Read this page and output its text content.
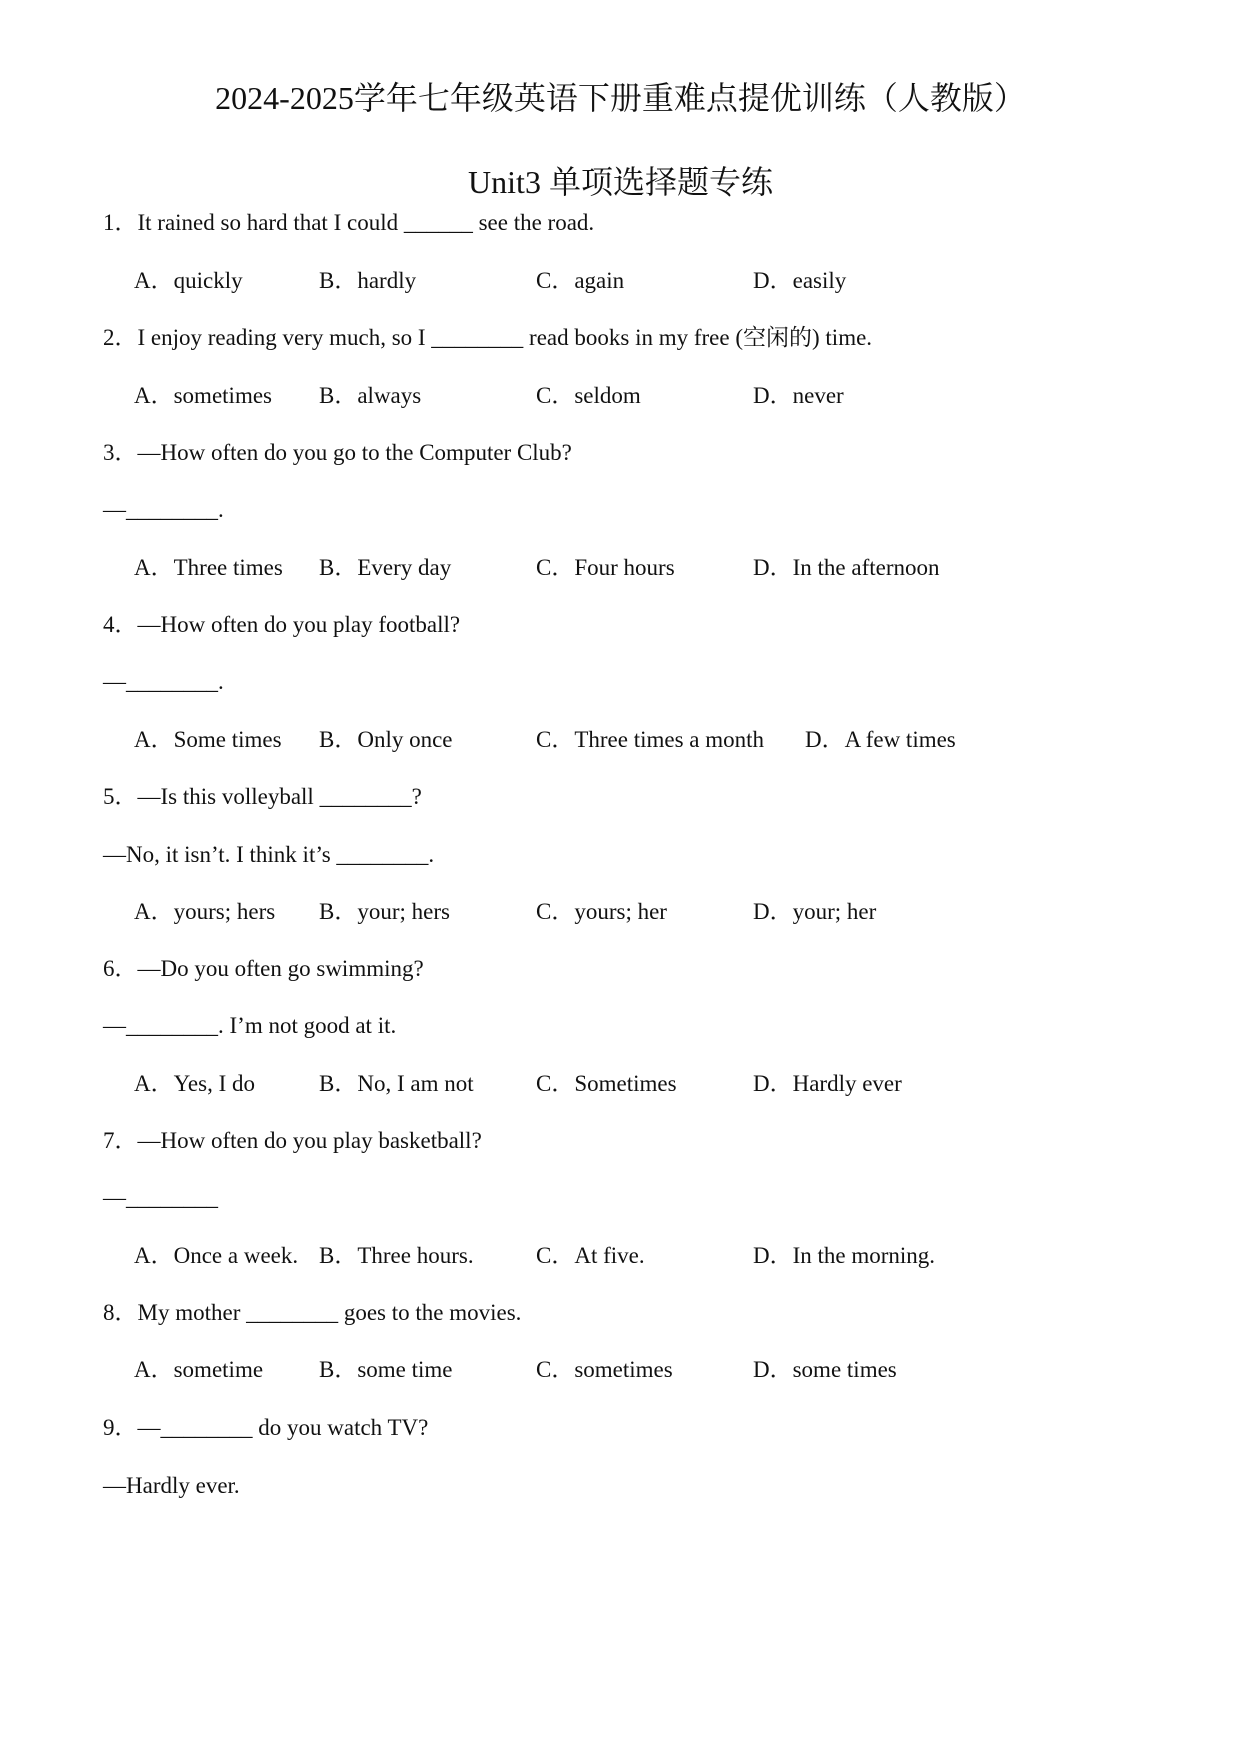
2024-2025学年七年级英语下册重难点提优训练（人教版）
Unit3 单项选择题专练
1．It rained so hard that I could ______ see the road.
A．quickly	B．hardly	C．again	D．easily
2．I enjoy reading very much, so I ________ read books in my free (空闲的) time.
A．sometimes B．always	C．seldom	D．never
3．—How often do you go to the Computer Club?
—________.
A．Three times B．Every day	C．Four hours	D．In the afternoon
4．—How often do you play football?
—________.
A．Some times B．Only once	C．Three times a month D．A few times
5．—Is this volleyball ________?
—No, it isn’t. I think it’s ________.
A．yours; hers B．your; hers	C．yours; her	D．your; her
6．—Do you often go swimming?
—________. I’m not good at it.
A．Yes, I do	B．No, I am not	C．Sometimes	D．Hardly ever
7．—How often do you play basketball?
—________
A．Once a week. B．Three hours.	C．At five.	D．In the morning.
8．My mother ________ goes to the movies.
A．sometime B．some time	C．sometimes	D．some times
9．—________ do you watch TV?
—Hardly ever.
